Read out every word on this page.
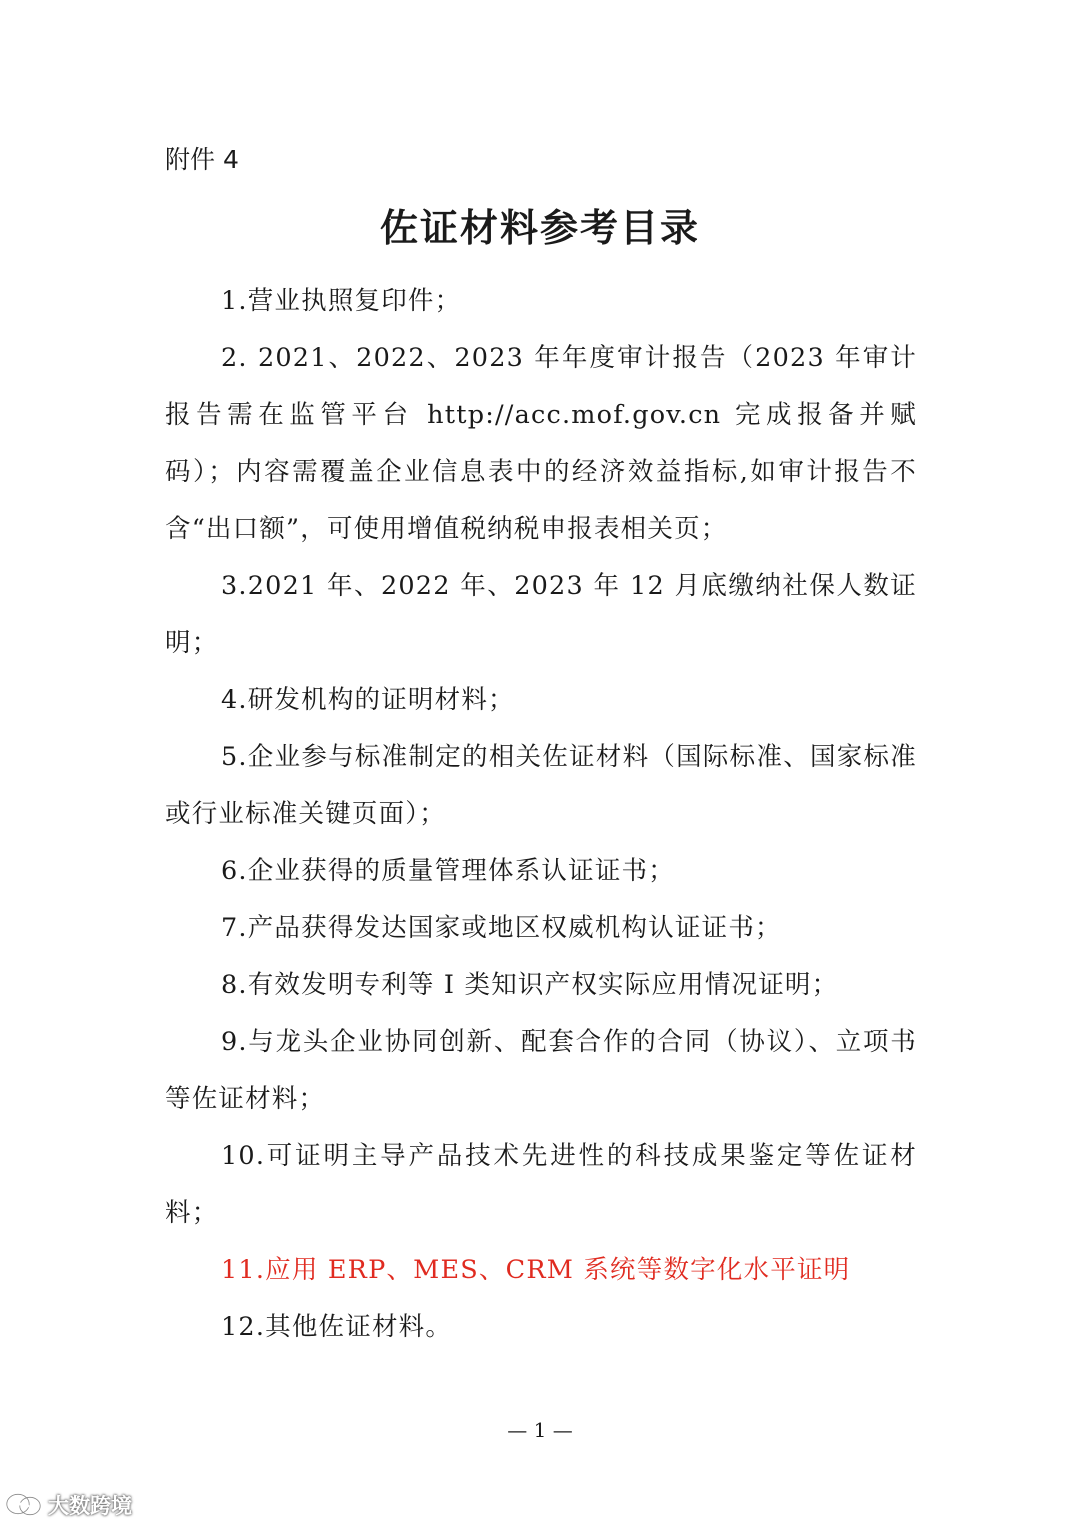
附件 4

佐证材料参考目录

1.营业执照复印件；

2. 2021、2022、2023 年年度审计报告（2023 年审计报告需在监管平台 http://acc.mof.gov.cn 完成报备并赋码）；内容需覆盖企业信息表中的经济效益指标,如审计报告不含“出口额”，可使用增值税纳税申报表相关页；

3.2021 年、2022 年、2023 年 12 月底缴纳社保人数证明；

4.研发机构的证明材料；

5.企业参与标准制定的相关佐证材料（国际标准、国家标准或行业标准关键页面）；

6.企业获得的质量管理体系认证证书；

7.产品获得发达国家或地区权威机构认证证书；

8.有效发明专利等 I 类知识产权实际应用情况证明；

9.与龙头企业协同创新、配套合作的合同（协议）、立项书等佐证材料；

10.可证明主导产品技术先进性的科技成果鉴定等佐证材料；

11.应用 ERP、MES、CRM 系统等数字化水平证明

12.其他佐证材料。

— 1 —

大数跨境
